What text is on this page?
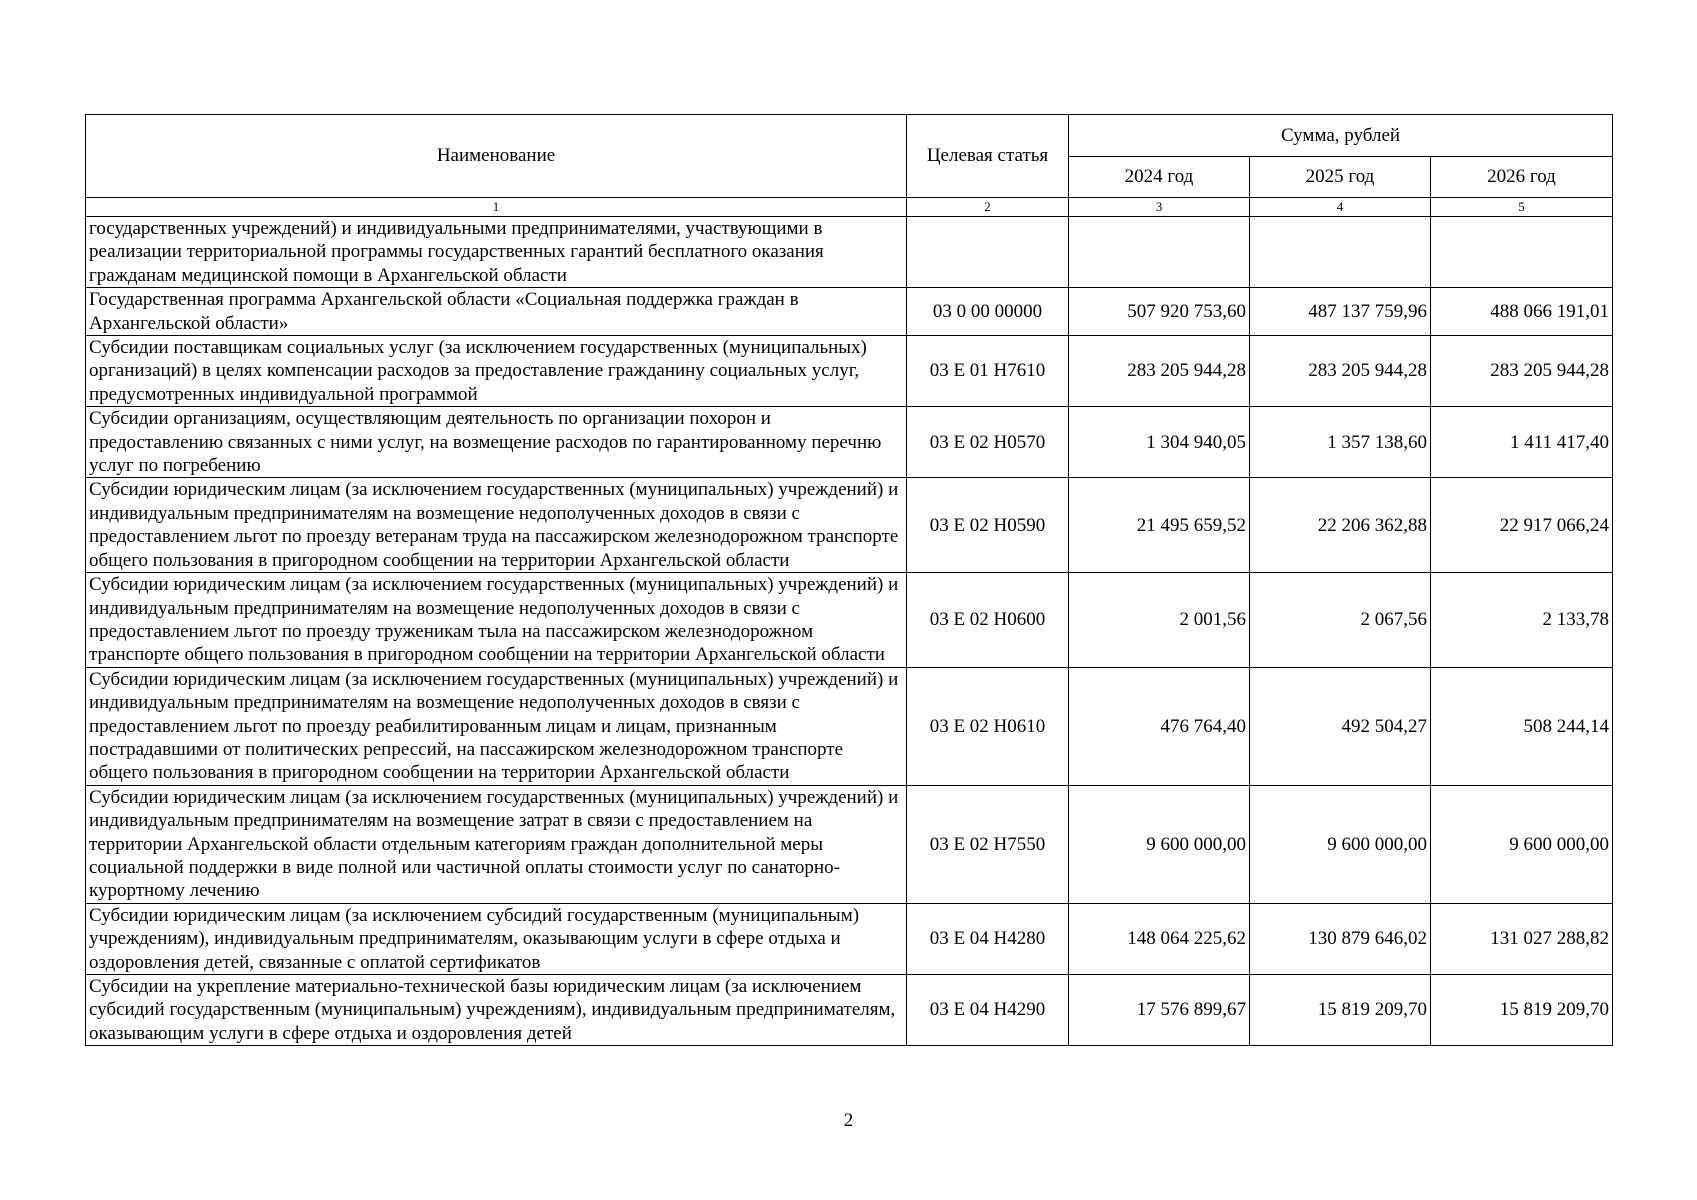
Наименование	Целевая статья	Сумма, рублей		
		2024 год	2025 год	2026 год
1	2	3	4	5
государственных учреждений) и индивидуальными предпринимателями, участвующими в реализации территориальной программы государственных гарантий бесплатного оказания гражданам медицинской помощи в Архангельской области				
Государственная программа Архангельской области «Социальная поддержка граждан в Архангельской области»	03 0 00 00000	507 920 753,60	487 137 759,96	488 066 191,01
Субсидии поставщикам социальных услуг (за исключением государственных (муниципальных) организаций) в целях компенсации расходов за предоставление гражданину социальных услуг, предусмотренных индивидуальной программой	03 Е 01 Н7610	283 205 944,28	283 205 944,28	283 205 944,28
Субсидии организациям, осуществляющим деятельность по организации похорон и предоставлению связанных с ними услуг, на возмещение расходов по гарантированному перечню услуг по погребению	03 Е 02 Н0570	1 304 940,05	1 357 138,60	1 411 417,40
Субсидии юридическим лицам (за исключением государственных (муниципальных) учреждений) и индивидуальным предпринимателям на возмещение недополученных доходов в связи с предоставлением льгот по проезду ветеранам труда на пассажирском железнодорожном транспорте общего пользования в пригородном сообщении на территории Архангельской области	03 Е 02 Н0590	21 495 659,52	22 206 362,88	22 917 066,24
Субсидии юридическим лицам (за исключением государственных (муниципальных) учреждений) и индивидуальным предпринимателям на возмещение недополученных доходов в связи с предоставлением льгот по проезду труженикам тыла на пассажирском железнодорожном транспорте общего пользования в пригородном сообщении на территории Архангельской области	03 Е 02 Н0600	2 001,56	2 067,56	2 133,78
Субсидии юридическим лицам (за исключением государственных (муниципальных) учреждений) и индивидуальным предпринимателям на возмещение недополученных доходов в связи с предоставлением льгот по проезду реабилитированным лицам и лицам, признанным пострадавшими от политических репрессий, на пассажирском железнодорожном транспорте общего пользования в пригородном сообщении на территории Архангельской области	03 Е 02 Н0610	476 764,40	492 504,27	508 244,14
Субсидии юридическим лицам (за исключением государственных (муниципальных) учреждений) и индивидуальным предпринимателям на возмещение затрат в связи с предоставлением на территории Архангельской области отдельным категориям граждан дополнительной меры социальной поддержки в виде полной или частичной оплаты стоимости услуг по санаторно-курортному лечению	03 Е 02 Н7550	9 600 000,00	9 600 000,00	9 600 000,00
Субсидии юридическим лицам (за исключением субсидий государственным (муниципальным) учреждениям), индивидуальным предпринимателям, оказывающим услуги в сфере отдыха и оздоровления детей, связанные с оплатой сертификатов	03 Е 04 Н4280	148 064 225,62	130 879 646,02	131 027 288,82
Субсидии на укрепление материально-технической базы юридическим лицам (за исключением субсидий государственным (муниципальным) учреждениям), индивидуальным предпринимателям, оказывающим услуги в сфере отдыха и оздоровления детей	03 Е 04 Н4290	17 576 899,67	15 819 209,70	15 819 209,70
2
